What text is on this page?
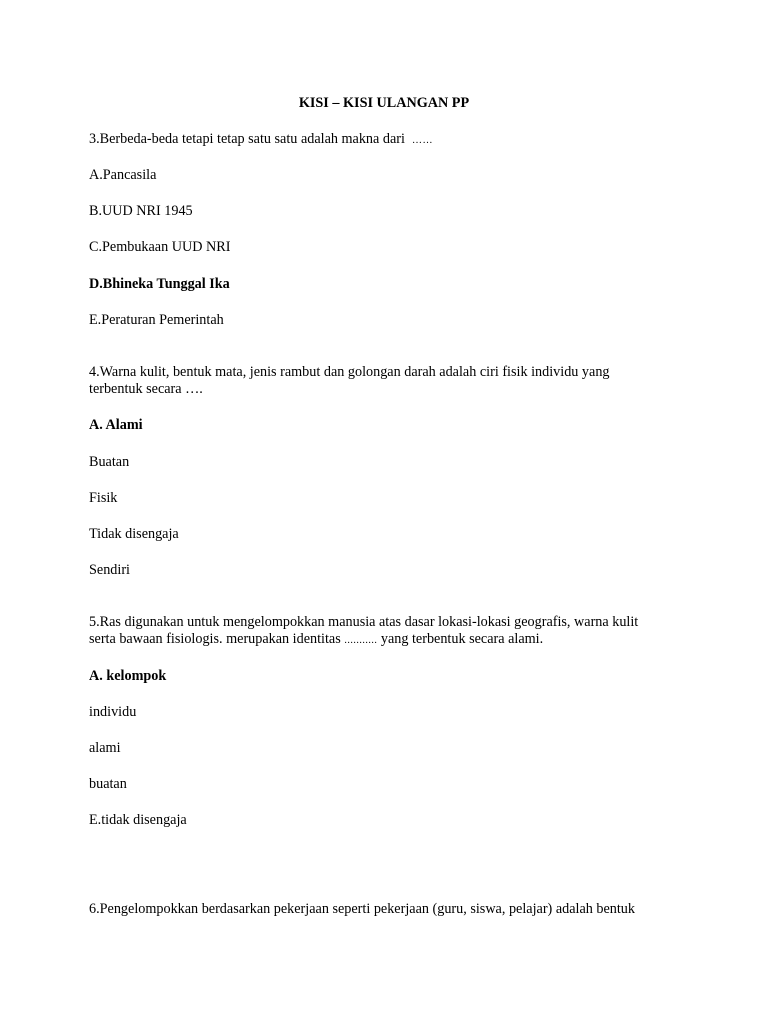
KISI – KISI ULANGAN PP
3.Berbeda-beda tetapi tetap satu satu adalah makna dari ……
A.Pancasila
B.UUD NRI 1945
C.Pembukaan UUD NRI
D.Bhineka Tunggal Ika
E.Peraturan Pemerintah
4.Warna kulit, bentuk mata, jenis rambut dan golongan darah adalah ciri fisik individu yang
terbentuk secara ….
A. Alami
Buatan
Fisik
Tidak disengaja
Sendiri
5.Ras digunakan untuk mengelompokkan manusia atas dasar lokasi-lokasi geografis, warna kulit
serta bawaan fisiologis. merupakan identitas ........... yang terbentuk secara alami.
A. kelompok
individu
alami
buatan
E.tidak disengaja
6.Pengelompokkan berdasarkan pekerjaan seperti pekerjaan (guru, siswa, pelajar) adalah bentuk
